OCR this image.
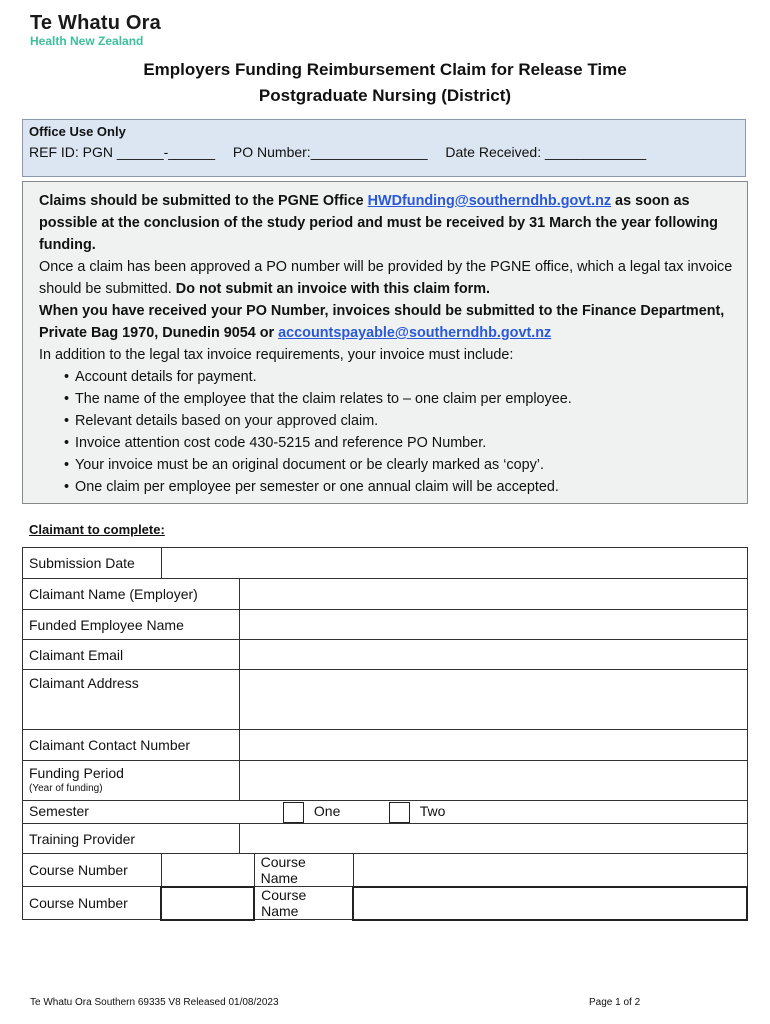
Te Whatu Ora
Health New Zealand
Employers Funding Reimbursement Claim for Release Time
Postgraduate Nursing (District)
Office Use Only
REF ID: PGN ______-______ PO Number:_______________ Date Received: _____________

Claims should be submitted to the PGNE Office HWDfunding@southerndhb.govt.nz as soon as possible at the conclusion of the study period and must be received by 31 March the year following funding.

Once a claim has been approved a PO number will be provided by the PGNE office, which a legal tax invoice should be submitted. Do not submit an invoice with this claim form.

When you have received your PO Number, invoices should be submitted to the Finance Department, Private Bag 1970, Dunedin 9054 or accountspayable@southerndhb.govt.nz

In addition to the legal tax invoice requirements, your invoice must include:

• Account details for payment.
• The name of the employee that the claim relates to – one claim per employee.
• Relevant details based on your approved claim.
• Invoice attention cost code 430-5215 and reference PO Number.
• Your invoice must be an original document or be clearly marked as ‘copy’.
• One claim per employee per semester or one annual claim will be accepted.
Claimant to complete:
Submission Date				
Claimant Name (Employer)				
Funded Employee Name				
Claimant Email				
Claimant Address				
Claimant Contact Number				

Funding Period
(Year of funding)				

Semester One Two				
Training Provider				
Course Number			Course Name	
Course Number			Course Name	
Te Whatu Ora Southern 69335 V8 Released 01/08/2023	Page 1 of 2
